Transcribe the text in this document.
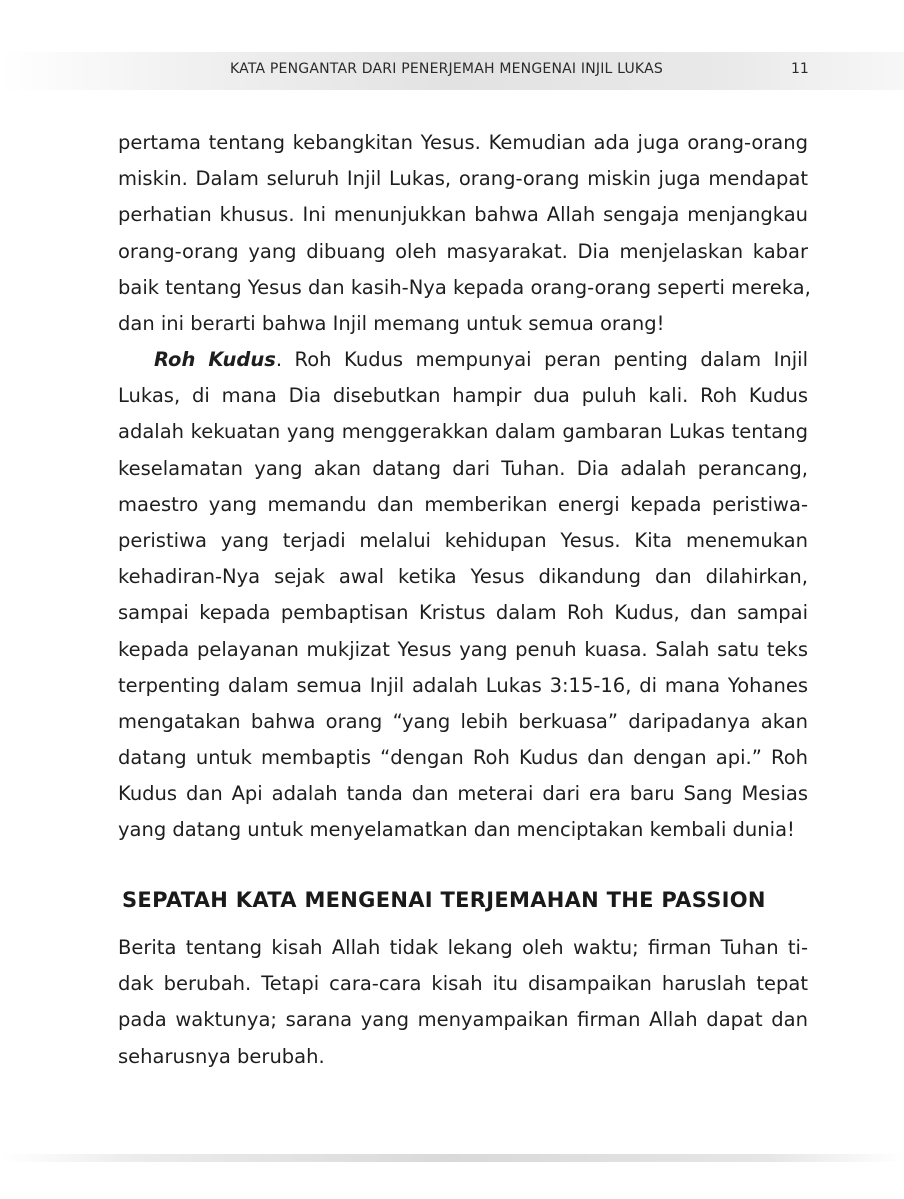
KATA PENGANTAR DARI PENERJEMAH MENGENAI INJIL LUKAS	11
pertama tentang kebangkitan Yesus. Kemudian ada juga orang-orang
miskin. Dalam seluruh Injil Lukas, orang-orang miskin juga mendapat
perhatian khusus. Ini menunjukkan bahwa Allah sengaja menjangkau
orang-orang yang dibuang oleh masyarakat. Dia menjelaskan kabar
baik tentang Yesus dan kasih-Nya kepada orang-orang seperti mereka,
dan ini berarti bahwa Injil memang untuk semua orang!
Roh Kudus. Roh Kudus mempunyai peran penting dalam Injil
Lukas, di mana Dia disebutkan hampir dua puluh kali. Roh Kudus
adalah kekuatan yang menggerakkan dalam gambaran Lukas tentang
keselamatan yang akan datang dari Tuhan. Dia adalah perancang,
maestro yang memandu dan memberikan energi kepada peristiwa-
peristiwa yang terjadi melalui kehidupan Yesus. Kita menemukan
kehadiran-Nya sejak awal ketika Yesus dikandung dan dilahirkan,
sampai kepada pembaptisan Kristus dalam Roh Kudus, dan sampai
kepada pelayanan mukjizat Yesus yang penuh kuasa. Salah satu teks
terpenting dalam semua Injil adalah Lukas 3:15-16, di mana Yohanes
mengatakan bahwa orang “yang lebih berkuasa” daripadanya akan
datang untuk membaptis “dengan Roh Kudus dan dengan api.” Roh
Kudus dan Api adalah tanda dan meterai dari era baru Sang Mesias
yang datang untuk menyelamatkan dan menciptakan kembali dunia!
SEPATAH KATA MENGENAI TERJEMAHAN THE PASSION
Berita tentang kisah Allah tidak lekang oleh waktu; firman Tuhan ti-
dak berubah. Tetapi cara-cara kisah itu disampaikan haruslah tepat
pada waktunya; sarana yang menyampaikan firman Allah dapat dan
seharusnya berubah.
